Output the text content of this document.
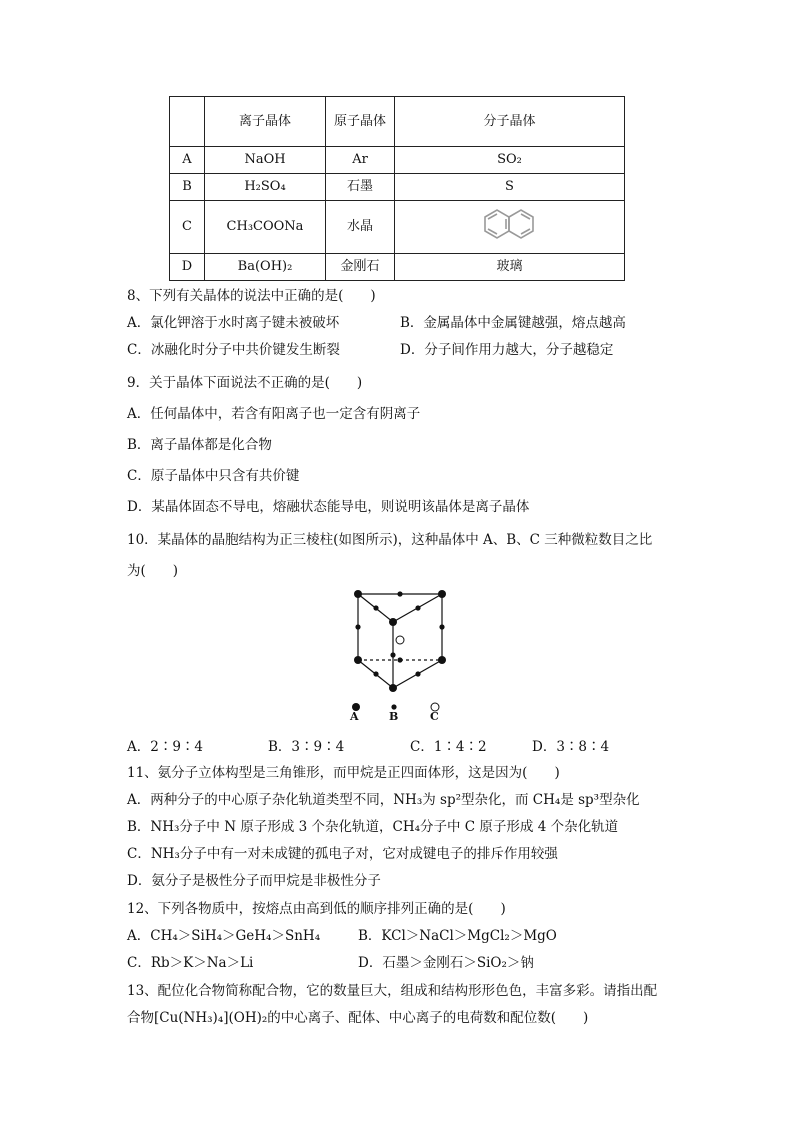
	离子晶体	原子晶体	分子晶体
A	NaOH	Ar	SO₂
B	H₂SO₄	石墨	S
C	CH₃COONa	水晶	

D	Ba(OH)₂	金刚石	玻璃
8、下列有关晶体的说法中正确的是(　　)
A．氯化钾溶于水时离子键未被破坏	B．金属晶体中金属键越强，熔点越高
C．冰融化时分子中共价键发生断裂	D．分子间作用力越大，分子越稳定
9．关于晶体下面说法不正确的是(　　)
A．任何晶体中，若含有阳离子也一定含有阴离子
B．离子晶体都是化合物
C．原子晶体中只含有共价键
D．某晶体固态不导电，熔融状态能导电，则说明该晶体是离子晶体
10．某晶体的晶胞结构为正三棱柱(如图所示)，这种晶体中 A、B、C 三种微粒数目之比
为(　　)
A	B	C
A．2∶9∶4	B．3∶9∶4	C．1∶4∶2	D．3∶8∶4
11、氨分子立体构型是三角锥形，而甲烷是正四面体形，这是因为(　　)
A．两种分子的中心原子杂化轨道类型不同，NH₃为 sp²型杂化，而 CH₄是 sp³型杂化
B．NH₃分子中 N 原子形成 3 个杂化轨道，CH₄分子中 C 原子形成 4 个杂化轨道
C．NH₃分子中有一对未成键的孤电子对，它对成键电子的排斥作用较强
D．氨分子是极性分子而甲烷是非极性分子
12、下列各物质中，按熔点由高到低的顺序排列正确的是(　　)
A．CH₄＞SiH₄＞GeH₄＞SnH₄	B．KCl＞NaCl＞MgCl₂＞MgO
C．Rb＞K＞Na＞Li	D．石墨＞金刚石＞SiO₂＞钠
13、配位化合物简称配合物，它的数量巨大，组成和结构形形色色，丰富多彩。请指出配
合物[Cu(NH₃)₄](OH)₂的中心离子、配体、中心离子的电荷数和配位数(　　)
